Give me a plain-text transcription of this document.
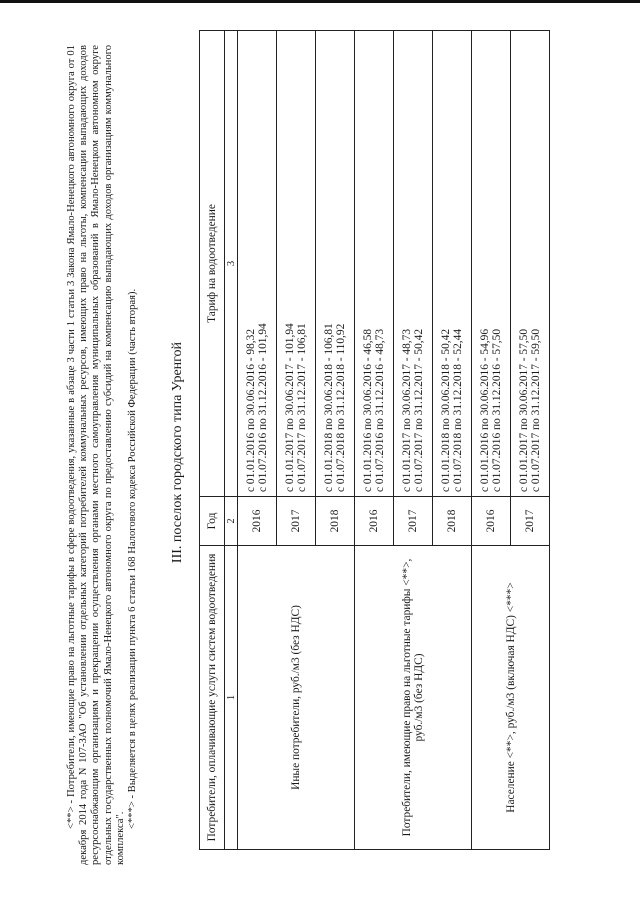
<**> - Потребители, имеющие право на льготные тарифы в сфере водоотведения, указанные в абзаце 3 части 1 статьи 3 Закона Ямало-Ненецкого автономного округа от 01 декабря 2014 года N 107-ЗАО "Об установлении отдельных категорий потребителей коммунальных ресурсов, имеющих право на льготы, компенсации выпадающих доходов ресурсоснабжающим организациям и прекращении осуществления органами местного самоуправления муниципальных образований в Ямало-Ненецком автономном округе отдельных государственных полномочий Ямало-Ненецкого автономного округа по предоставлению субсидий на компенсацию выпадающих доходов организациям коммунального комплекса".

<***> - Выделяется в целях реализации пункта 6 статьи 168 Налогового кодекса Российской Федерации (часть вторая). III. поселок городского типа Уренгой
Потребители, оплачивающие услуги систем водоотведения	Год	Тариф на водоотведение
1	2	3
Иные потребители, руб./м3 (без НДС)	2016	с 01.01.2016 по 30.06.2016 - 98,32 с 01.07.2016 по 31.12.2016 - 101,94

	2017	с 01.01.2017 по 30.06.2017 - 101,94 с 01.07.2017 по 31.12.2017 - 106,81

	2018	с 01.01.2018 по 30.06.2018 - 106,81 с 01.07.2018 по 31.12.2018 - 110,92

Потребители, имеющие право на льготные тарифы <**>, руб./м3 (без НДС)	2016	с 01.01.2016 по 30.06.2016 - 46,58 с 01.07.2016 по 31.12.2016 - 48,73

	2017	с 01.01.2017 по 30.06.2017 - 48,73 с 01.07.2017 по 31.12.2017 - 50,42

	2018	с 01.01.2018 по 30.06.2018 - 50,42 с 01.07.2018 по 31.12.2018 - 52,44

Население <**>, руб./м3 (включая НДС) <***>	2016	с 01.01.2016 по 30.06.2016 - 54,96 с 01.07.2016 по 31.12.2016 - 57,50

	2017	с 01.01.2017 по 30.06.2017 - 57,50 с 01.07.2017 по 31.12.2017 - 59,50
